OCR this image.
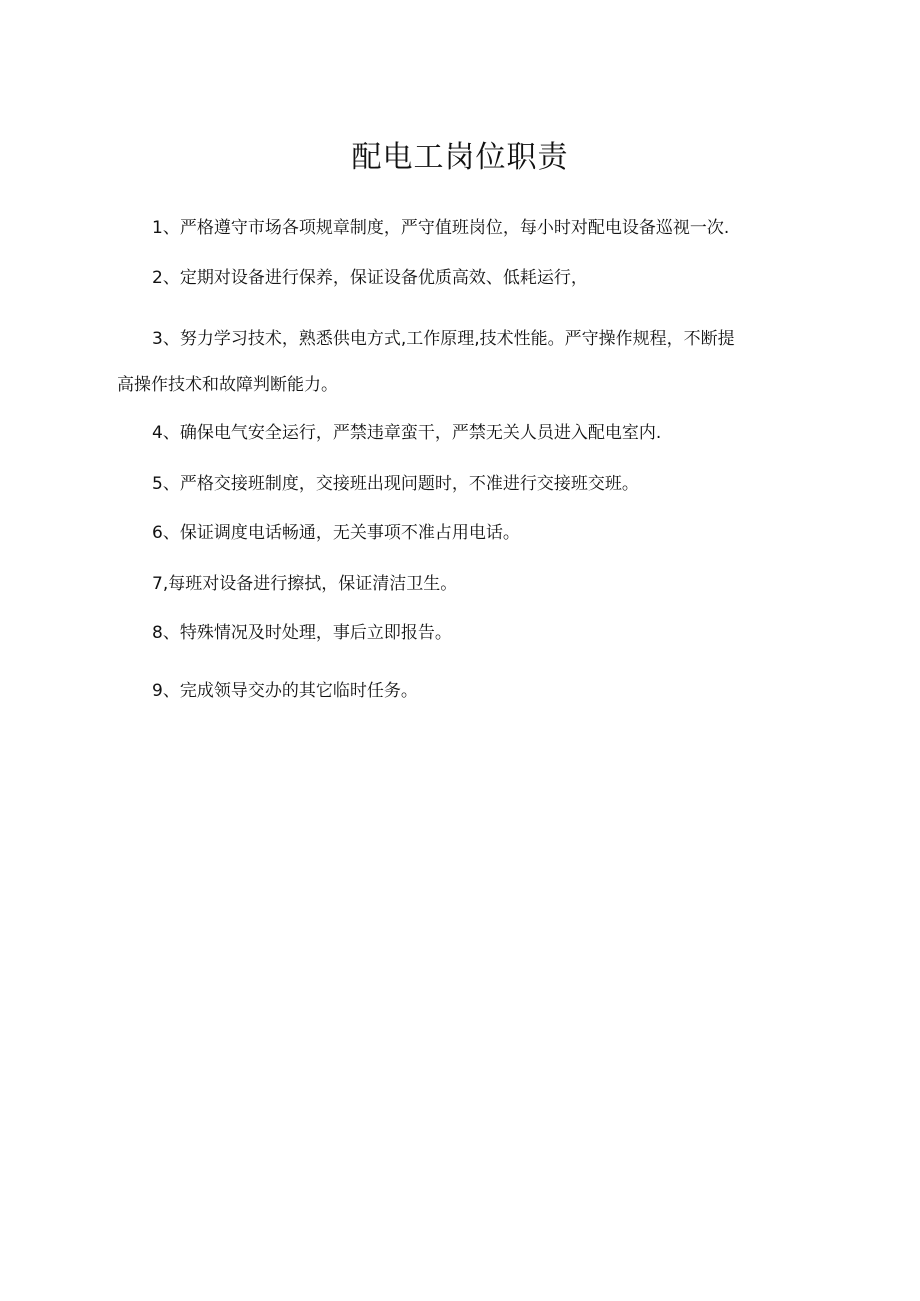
配电工岗位职责

1、严格遵守市场各项规章制度，严守值班岗位，每小时对配电设备巡视一次.

2、定期对设备进行保养，保证设备优质高效、低耗运行，

3、努力学习技术，熟悉供电方式,工作原理,技术性能。严守操作规程，不断提

高操作技术和故障判断能力。

4、确保电气安全运行，严禁违章蛮干，严禁无关人员进入配电室内.

5、严格交接班制度，交接班出现问题时，不准进行交接班交班。

6、保证调度电话畅通，无关事项不准占用电话。

7,每班对设备进行擦拭，保证清洁卫生。

8、特殊情况及时处理，事后立即报告。

9、完成领导交办的其它临时任务。
